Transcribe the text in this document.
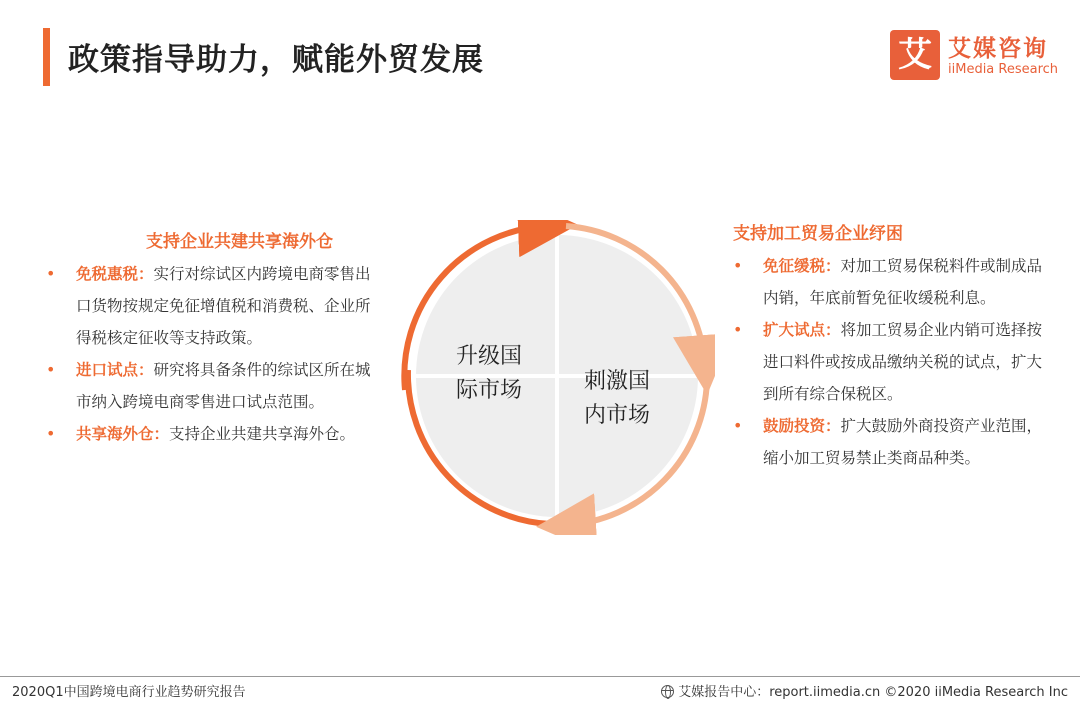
政策指导助力，赋能外贸发展	艾 艾媒咨询
iiMedia Research
支持企业共建共享海外仓
• 免税惠税：实行对综试区内跨境电商零售出口货物按规定免征增值税和消费税、企业所得税核定征收等支持政策。
• 进口试点：研究将具备条件的综试区所在城市纳入跨境电商零售进口试点范围。
• 共享海外仓：支持企业共建共享海外仓。
升级国
际市场	刺激国
内市场
支持加工贸易企业纾困
• 免征缓税：对加工贸易保税料件或制成品内销，年底前暂免征收缓税利息。
• 扩大试点：将加工贸易企业内销可选择按进口料件或按成品缴纳关税的试点，扩大到所有综合保税区。
• 鼓励投资：扩大鼓励外商投资产业范围，缩小加工贸易禁止类商品种类。
2020Q1中国跨境电商行业趋势研究报告	艾媒报告中心：report.iimedia.cn ©2020 iiMedia Research Inc
